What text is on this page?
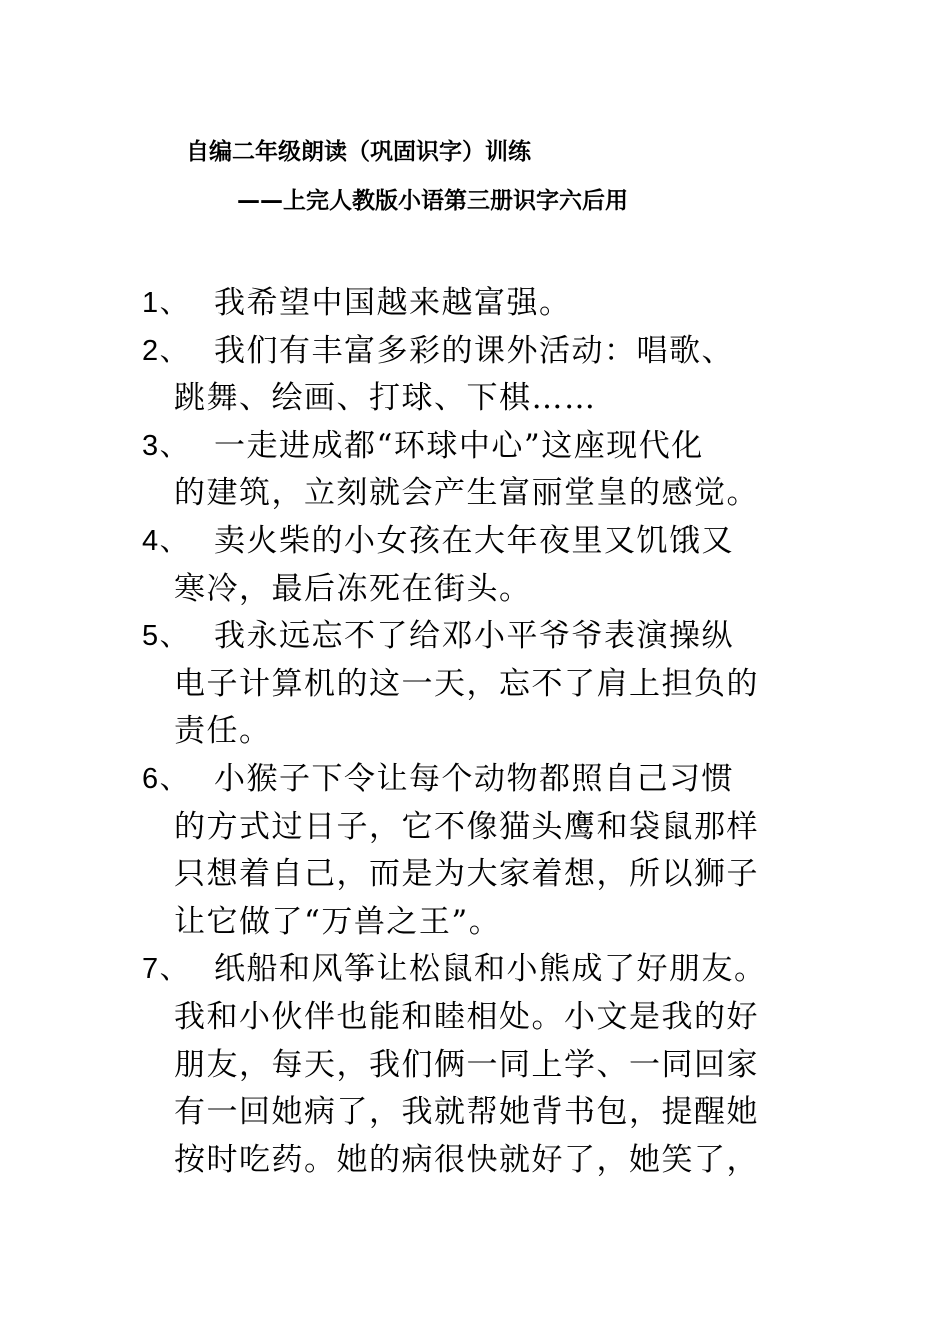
自编二年级朗读（巩固识字）训练
——上完人教版小语第三册识字六后用
1、 我希望中国越来越富强。
2、 我们有丰富多彩的课外活动：唱歌、
跳舞、绘画、打球、下棋……
3、 一走进成都“环球中心”这座现代化
的建筑，立刻就会产生富丽堂皇的感觉。
4、 卖火柴的小女孩在大年夜里又饥饿又
寒冷，最后冻死在街头。
5、 我永远忘不了给邓小平爷爷表演操纵
电子计算机的这一天，忘不了肩上担负的
责任。
6、 小猴子下令让每个动物都照自己习惯
的方式过日子，它不像猫头鹰和袋鼠那样
只想着自己，而是为大家着想，所以狮子
让它做了“万兽之王”。
7、 纸船和风筝让松鼠和小熊成了好朋友。
我和小伙伴也能和睦相处。小文是我的好
朋友，每天，我们俩一同上学、一同回家
有一回她病了，我就帮她背书包，提醒她
按时吃药。她的病很快就好了，她笑了，
